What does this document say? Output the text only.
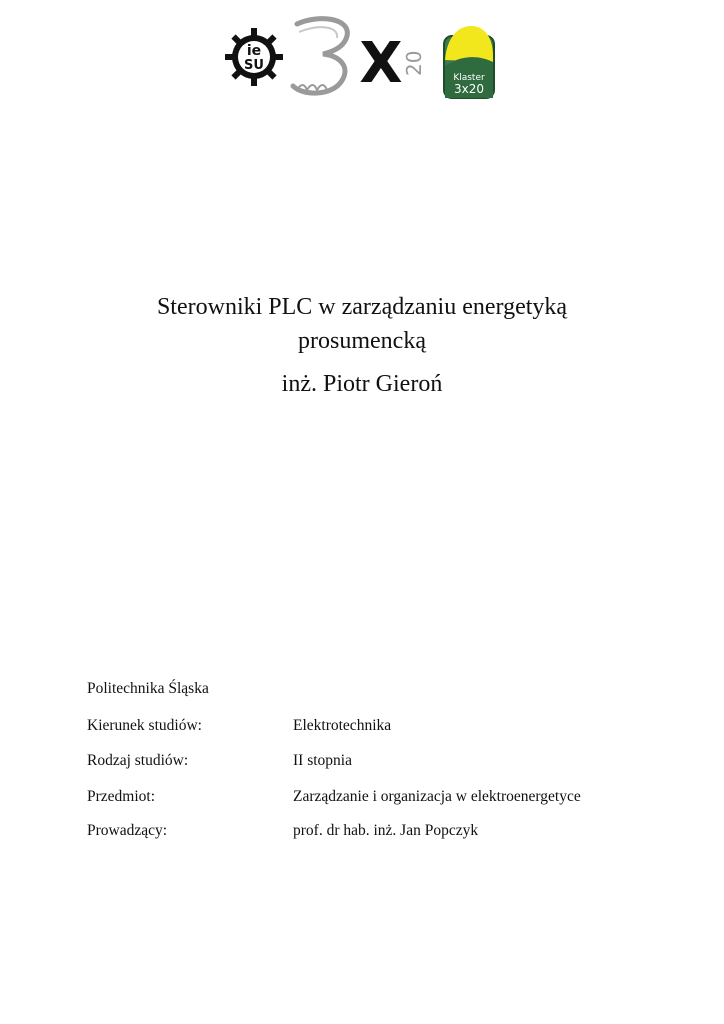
ie
SU X 20
Klaster
3x20
Sterowniki PLC w zarządzaniu energetyką
prosumencką
inż. Piotr Gieroń
Politechnika Śląska
Kierunek studiów:	Elektrotechnika
Rodzaj studiów:	II stopnia
Przedmiot:	Zarządzanie i organizacja w elektroenergetyce
Prowadzący:	prof. dr hab. inż. Jan Popczyk
